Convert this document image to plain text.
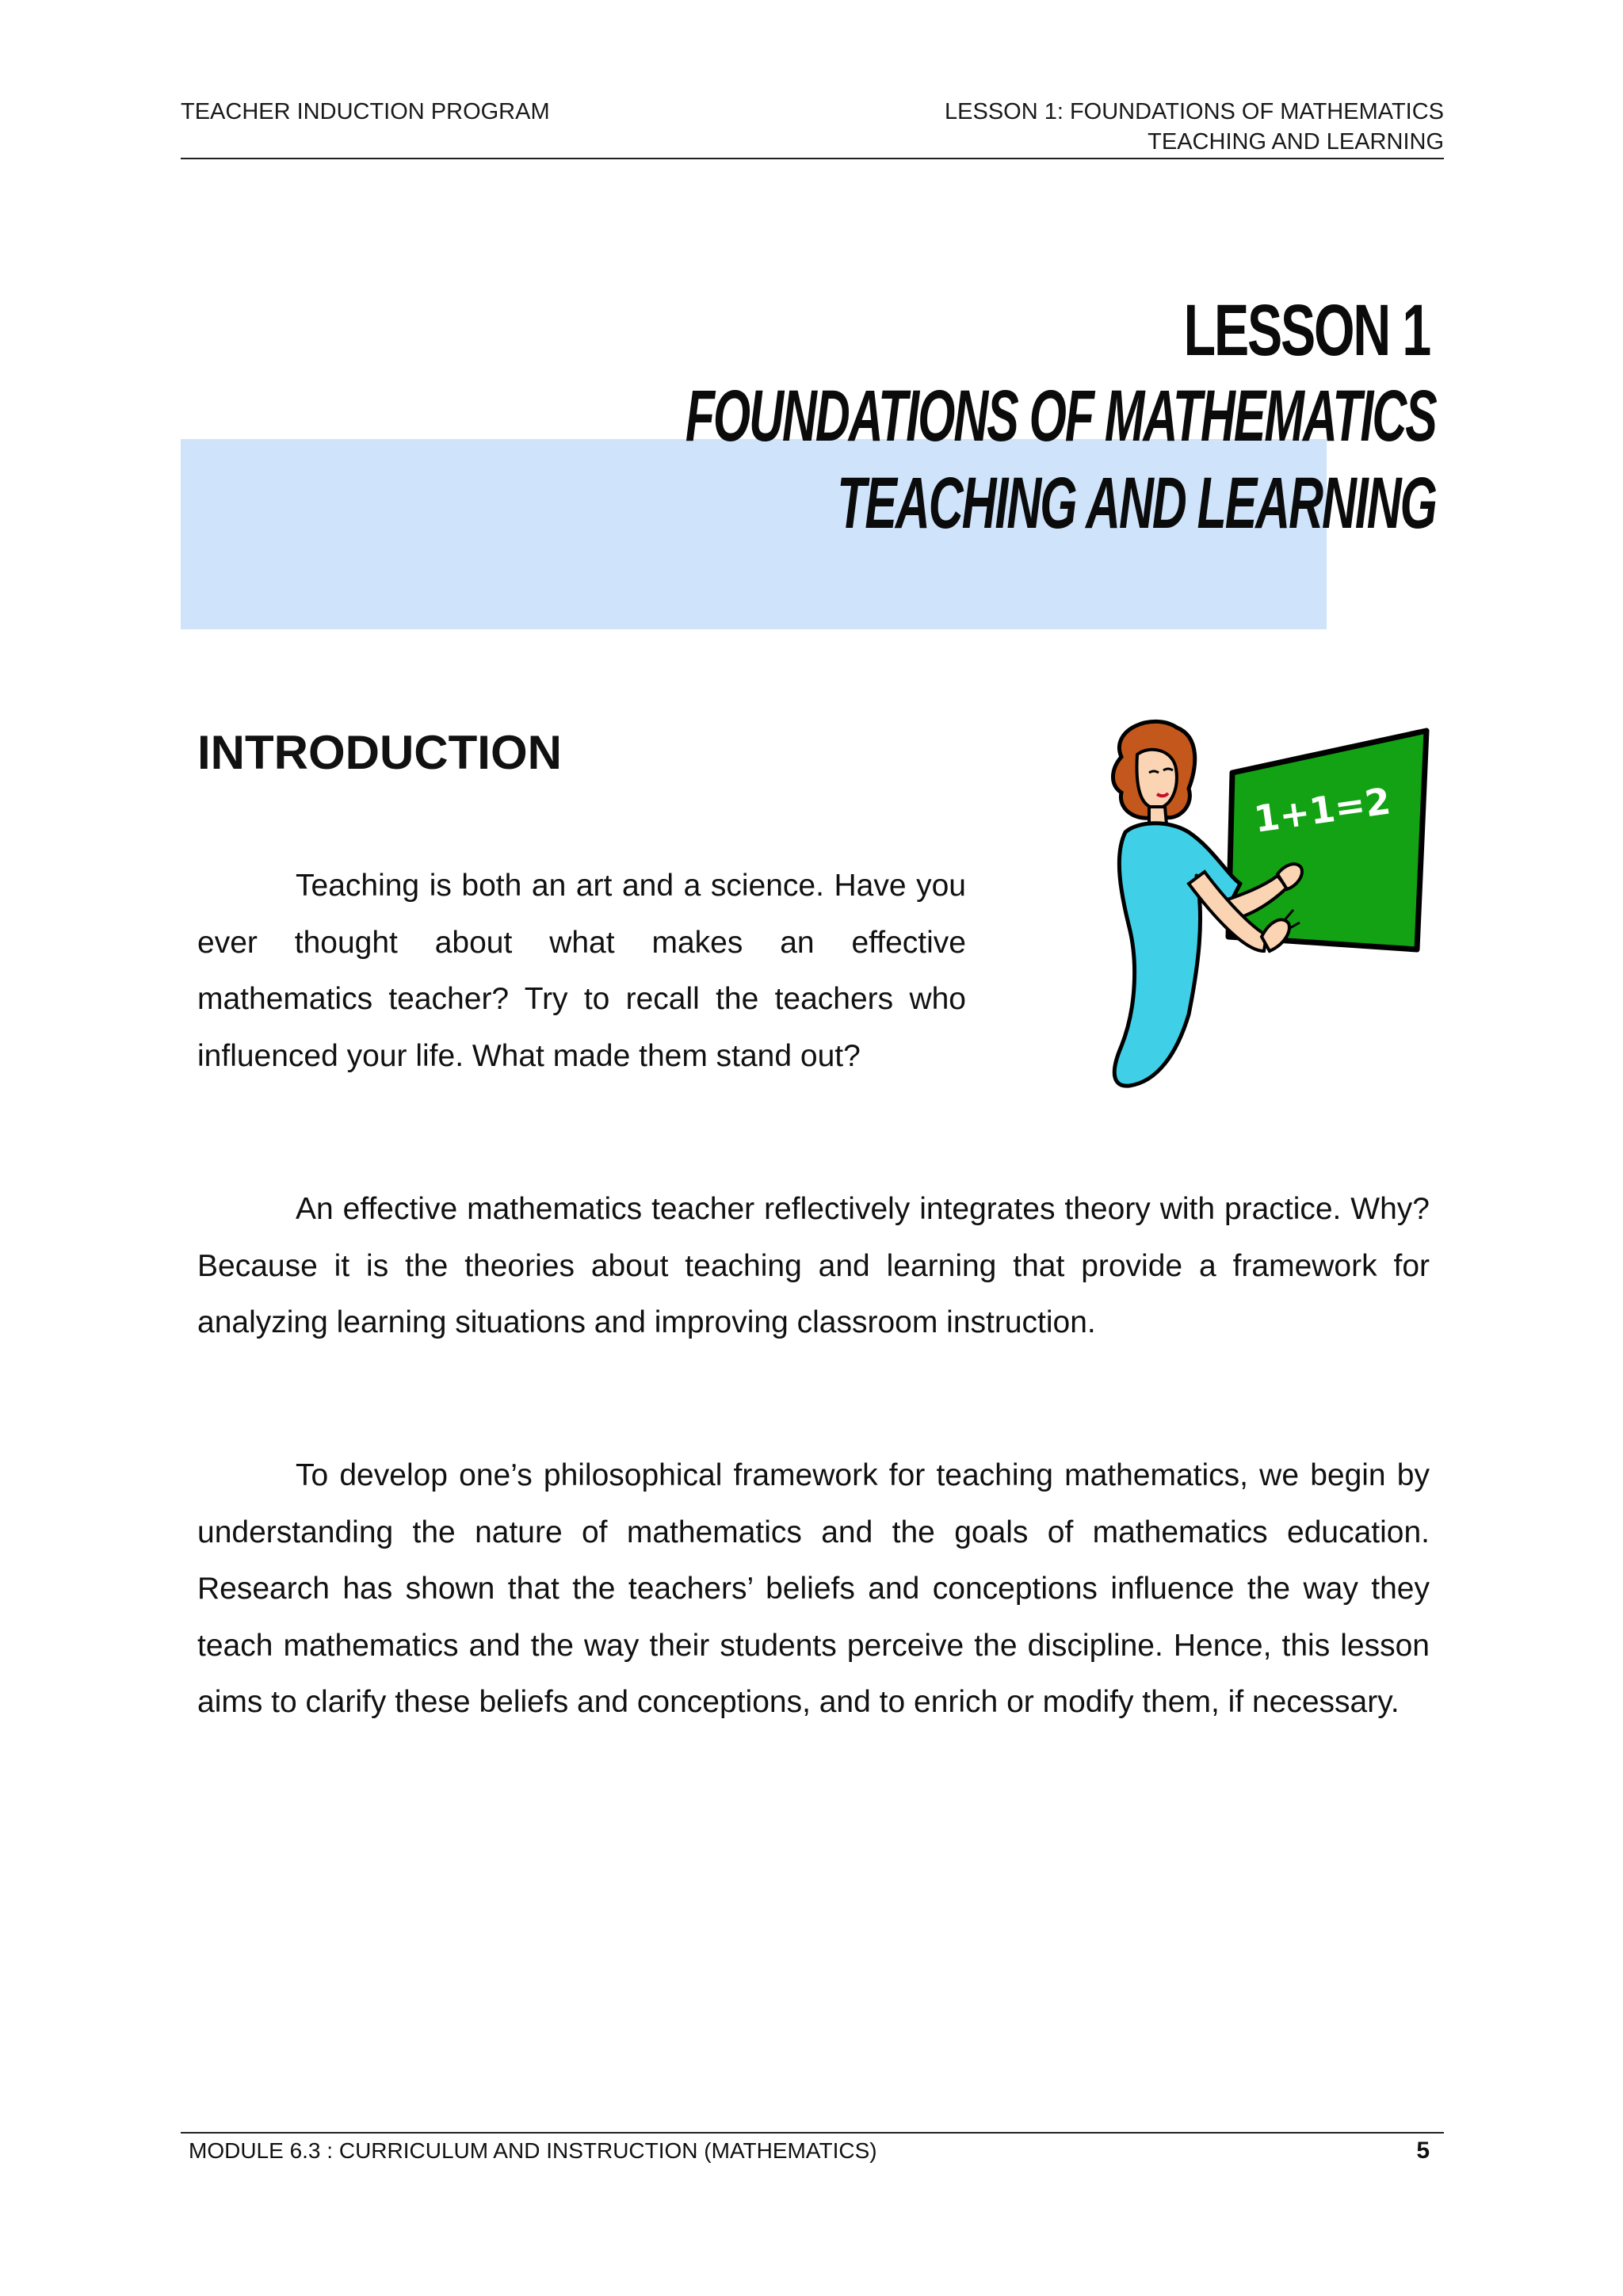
TEACHER INDUCTION PROGRAM	LESSON 1: FOUNDATIONS OF MATHEMATICS
TEACHING AND LEARNING
LESSON 1
FOUNDATIONS OF MATHEMATICS
TEACHING AND LEARNING
INTRODUCTION

Teaching is both an art and a science. Have you ever thought about what makes an effective mathematics teacher? Try to recall the teachers who influenced your life. What made them stand out?

An effective mathematics teacher reflectively integrates theory with practice. Why? Because it is the theories about teaching and learning that provide a framework for analyzing learning situations and improving classroom instruction.

To develop one’s philosophical framework for teaching mathematics, we begin by understanding the nature of mathematics and the goals of mathematics education. Research has shown that the teachers’ beliefs and conceptions influence the way they teach mathematics and the way their students perceive the discipline. Hence, this lesson aims to clarify these beliefs and conceptions, and to enrich or modify them, if necessary.

1+1=2
MODULE 6.3 : CURRICULUM AND INSTRUCTION (MATHEMATICS)	5
